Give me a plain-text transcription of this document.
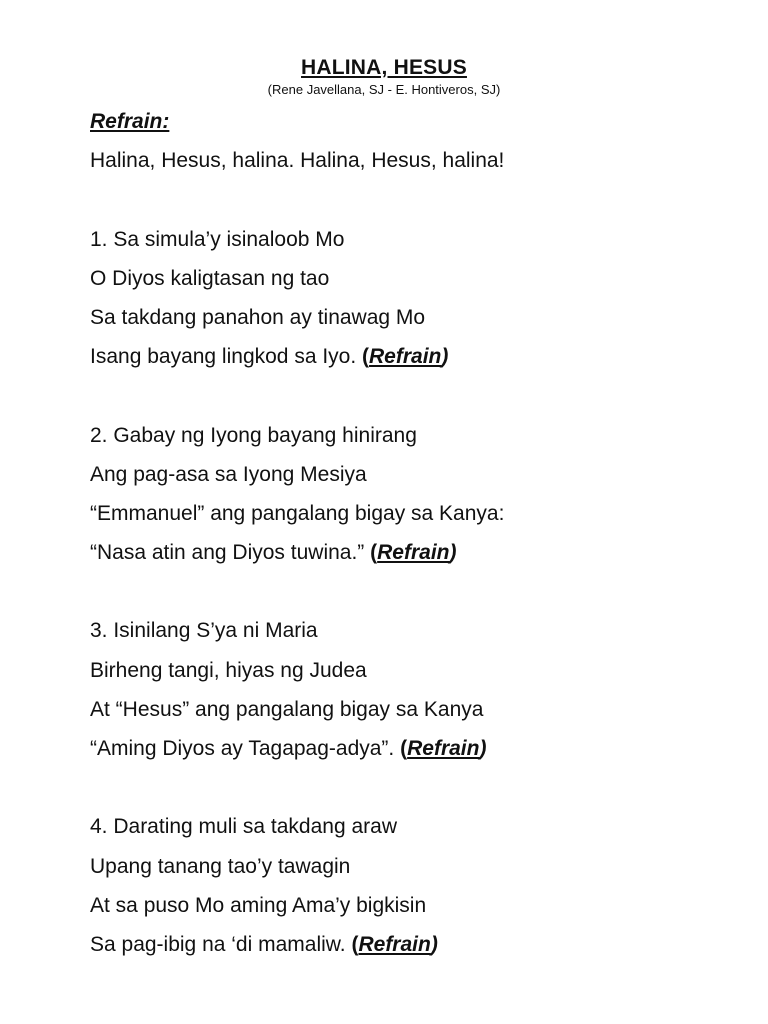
HALINA, HESUS
(Rene Javellana, SJ - E. Hontiveros, SJ)
Refrain:
Halina, Hesus, halina. Halina, Hesus, halina!
1. Sa simula’y isinaloob Mo
O Diyos kaligtasan ng tao
Sa takdang panahon ay tinawag Mo
Isang bayang lingkod sa Iyo. (Refrain)
2. Gabay ng Iyong bayang hinirang
Ang pag-asa sa Iyong Mesiya
“Emmanuel” ang pangalang bigay sa Kanya:
“Nasa atin ang Diyos tuwina.” (Refrain)
3. Isinilang S’ya ni Maria
Birheng tangi, hiyas ng Judea
At “Hesus” ang pangalang bigay sa Kanya
“Aming Diyos ay Tagapag-adya”. (Refrain)
4. Darating muli sa takdang araw
Upang tanang tao’y tawagin
At sa puso Mo aming Ama’y bigkisin
Sa pag-ibig na ‘di mamaliw. (Refrain)
